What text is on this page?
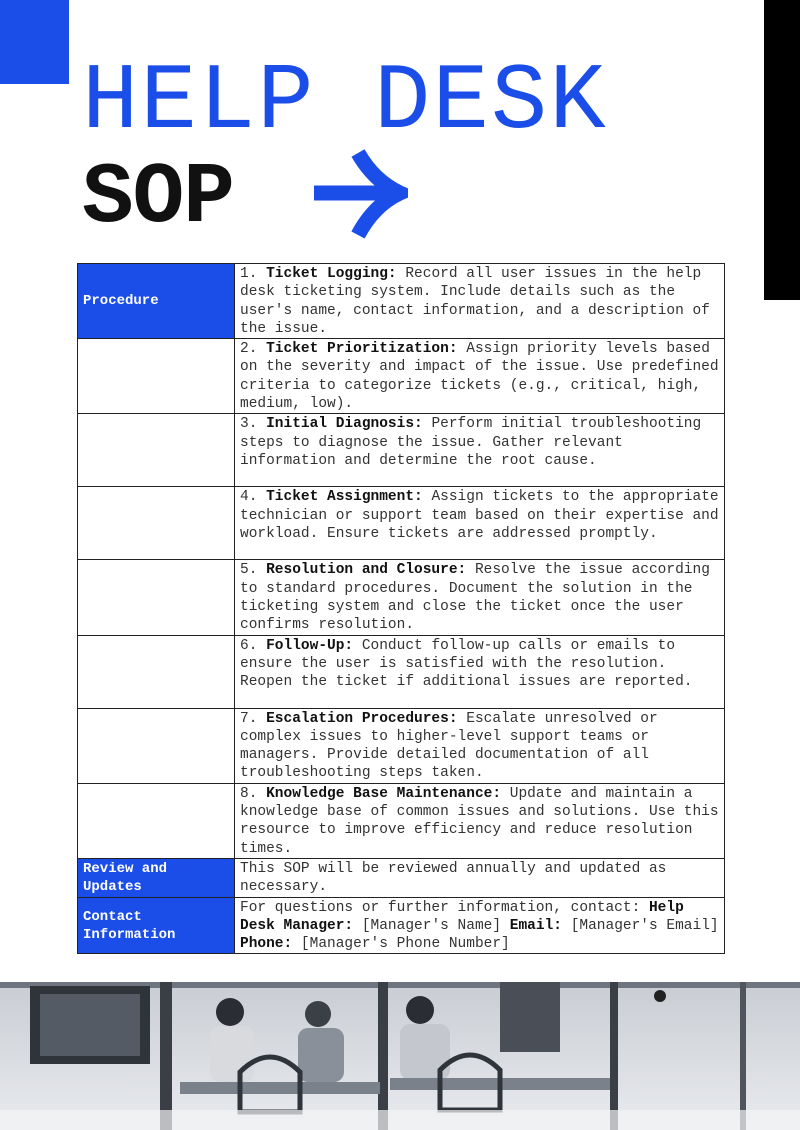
HELP DESK
SOP
Procedure	1. Ticket Logging: Record all user issues in the help desk ticketing system. Include details such as the user's name, contact information, and a description of the issue.
	2. Ticket Prioritization: Assign priority levels based on the severity and impact of the issue. Use predefined criteria to categorize tickets (e.g., critical, high, medium, low).
	3. Initial Diagnosis: Perform initial troubleshooting steps to diagnose the issue. Gather relevant information and determine the root cause.
	4. Ticket Assignment: Assign tickets to the appropriate technician or support team based on their expertise and workload. Ensure tickets are addressed promptly.
	5. Resolution and Closure: Resolve the issue according to standard procedures. Document the solution in the ticketing system and close the ticket once the user confirms resolution.
	6. Follow-Up: Conduct follow-up calls or emails to ensure the user is satisfied with the resolution. Reopen the ticket if additional issues are reported.
	7. Escalation Procedures: Escalate unresolved or complex issues to higher-level support teams or managers. Provide detailed documentation of all troubleshooting steps taken.
	8. Knowledge Base Maintenance: Update and maintain a knowledge base of common issues and solutions. Use this resource to improve efficiency and reduce resolution times.
Review and Updates	This SOP will be reviewed annually and updated as necessary.
Contact Information	For questions or further information, contact: Help Desk Manager: [Manager's Name] Email: [Manager's Email] Phone: [Manager's Phone Number]
